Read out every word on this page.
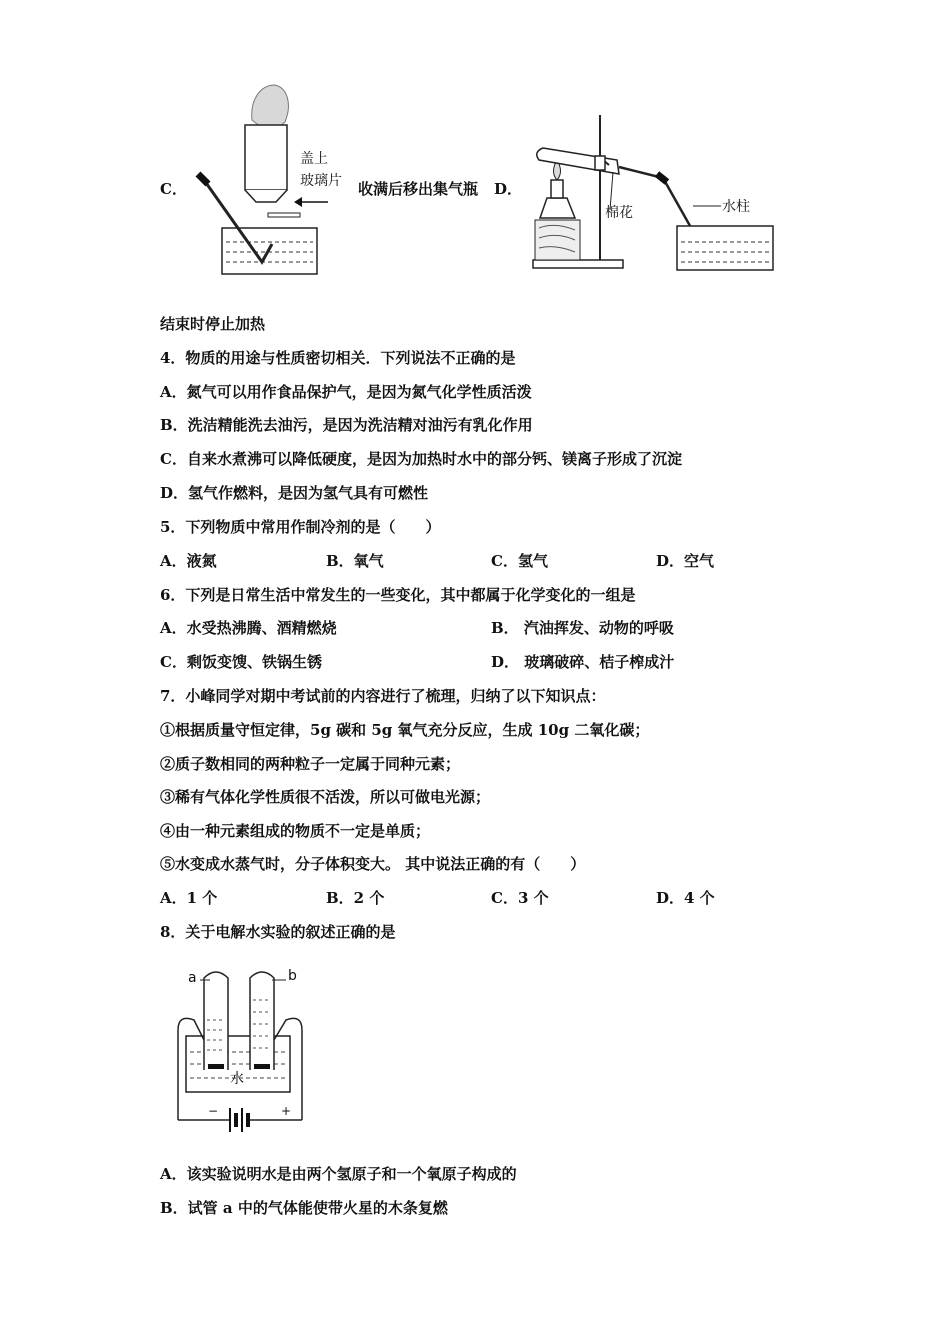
C．
盖上
玻璃片 收满后移出集气瓶 D．
棉花	水柱
结束时停止加热
4．物质的用途与性质密切相关．下列说法不正确的是
A．氮气可以用作食品保护气，是因为氮气化学性质活泼
B．洗洁精能洗去油污，是因为洗洁精对油污有乳化作用
C．自来水煮沸可以降低硬度，是因为加热时水中的部分钙、镁离子形成了沉淀
D．氢气作燃料，是因为氢气具有可燃性
5．下列物质中常用作制冷剂的是（　　）
A．液氮	B．氧气	C．氢气	D．空气
6．下列是日常生活中常发生的一些变化，其中都属于化学变化的一组是
A．水受热沸腾、酒精燃烧	B． 汽油挥发、动物的呼吸
C．剩饭变馊、铁锅生锈	D． 玻璃破碎、桔子榨成汁
7．小峰同学对期中考试前的内容进行了梳理，归纳了以下知识点：
①根据质量守恒定律，5g 碳和 5g 氧气充分反应，生成 10g 二氧化碳；
②质子数相同的两种粒子一定属于同种元素；
③稀有气体化学性质很不活泼，所以可做电光源；
④由一种元素组成的物质不一定是单质；
⑤水变成水蒸气时，分子体积变大。 其中说法正确的有（　　）
A．1 个	B．2 个	C．3 个	D．4 个
8．关于电解水实验的叙述正确的是
a	b
水
−	+
A．该实验说明水是由两个氢原子和一个氧原子构成的
B．试管 a 中的气体能使带火星的木条复燃
